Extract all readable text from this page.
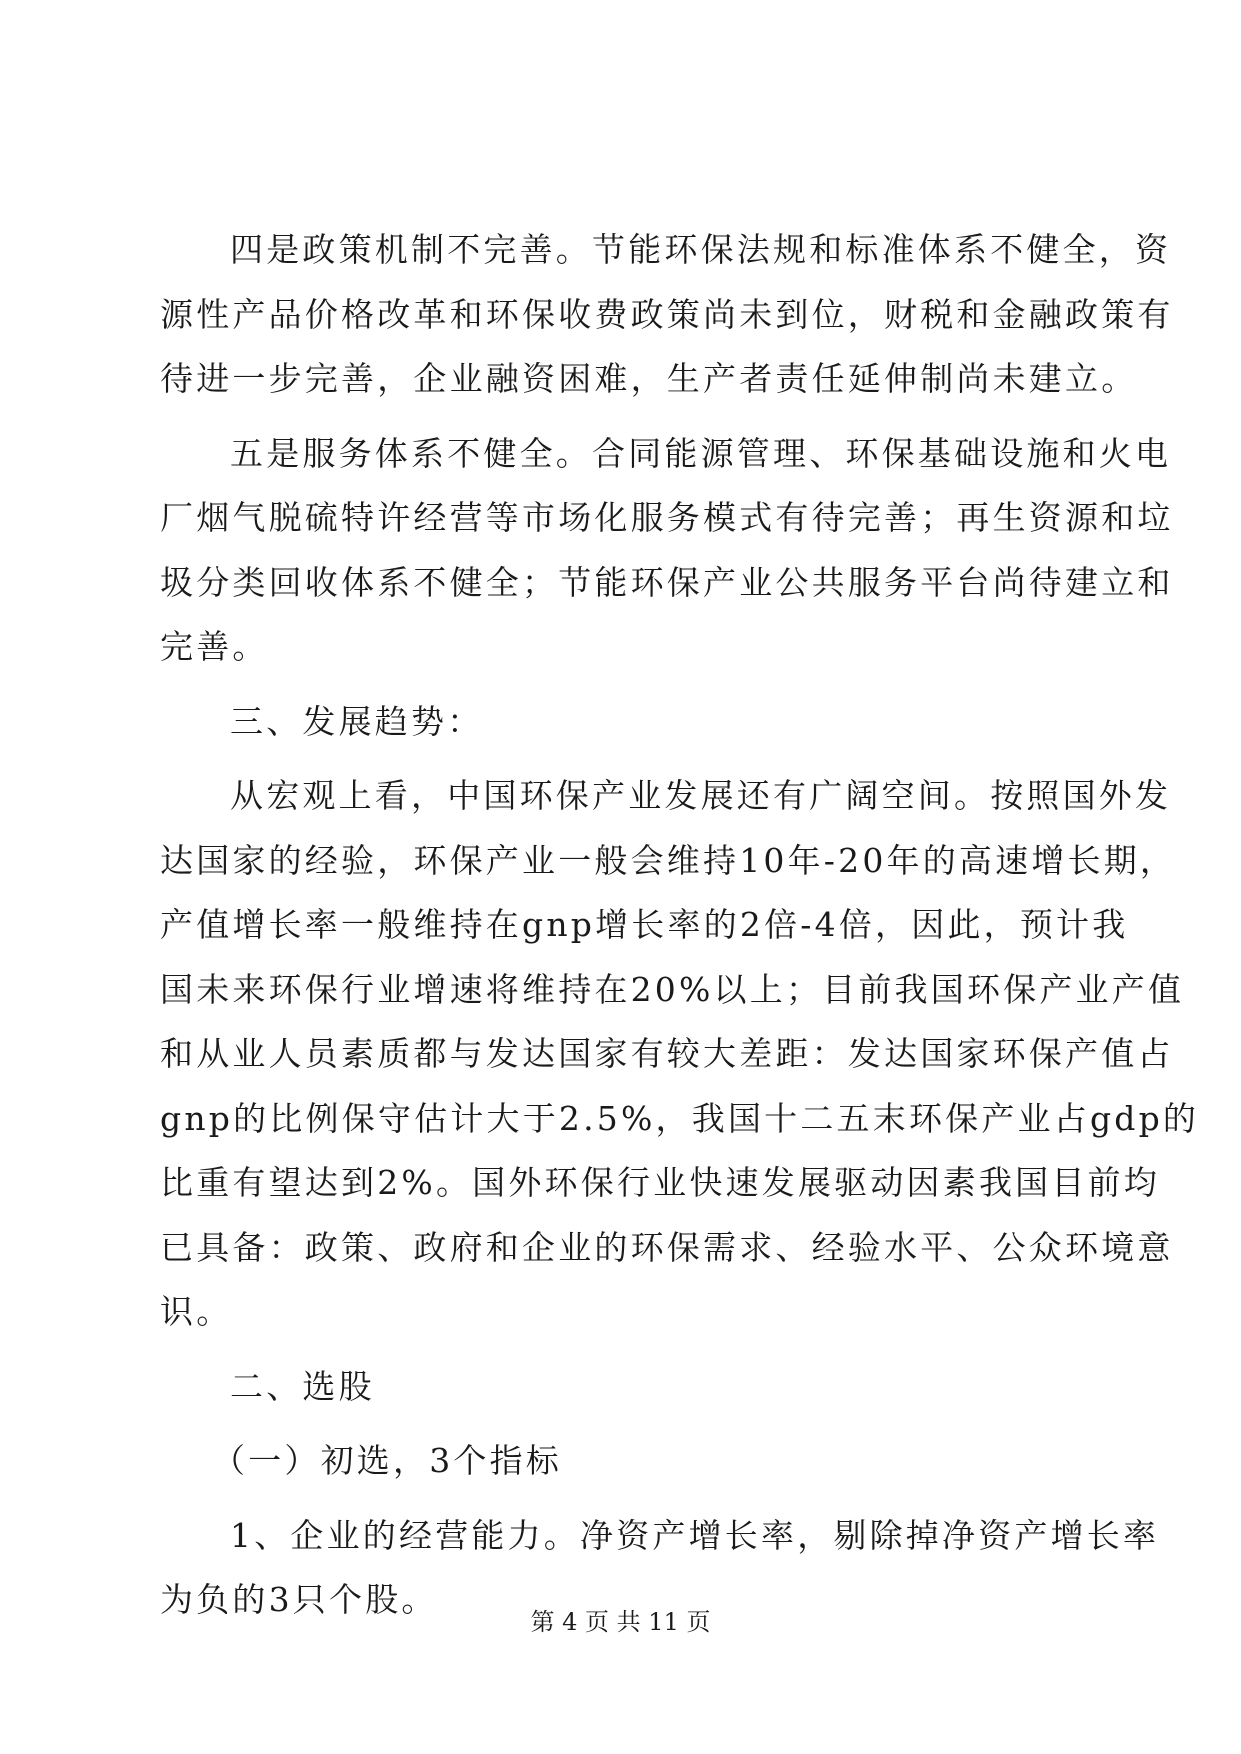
四是政策机制不完善。节能环保法规和标准体系不健全，资
源性产品价格改革和环保收费政策尚未到位，财税和金融政策有
待进一步完善，企业融资困难，生产者责任延伸制尚未建立。

五是服务体系不健全。合同能源管理、环保基础设施和火电
厂烟气脱硫特许经营等市场化服务模式有待完善；再生资源和垃
圾分类回收体系不健全；节能环保产业公共服务平台尚待建立和
完善。

三、发展趋势：

从宏观上看，中国环保产业发展还有广阔空间。按照国外发
达国家的经验，环保产业一般会维持10年-20年的高速增长期，
产值增长率一般维持在gnp增长率的2倍-4倍，因此，预计我
国未来环保行业增速将维持在20%以上；目前我国环保产业产值
和从业人员素质都与发达国家有较大差距：发达国家环保产值占
gnp的比例保守估计大于2.5%，我国十二五末环保产业占gdp的
比重有望达到2%。国外环保行业快速发展驱动因素我国目前均
已具备：政策、政府和企业的环保需求、经验水平、公众环境意
识。

二、选股

（一）初选，3个指标

1、企业的经营能力。净资产增长率，剔除掉净资产增长率
为负的3只个股。

第 4 页 共 11 页
